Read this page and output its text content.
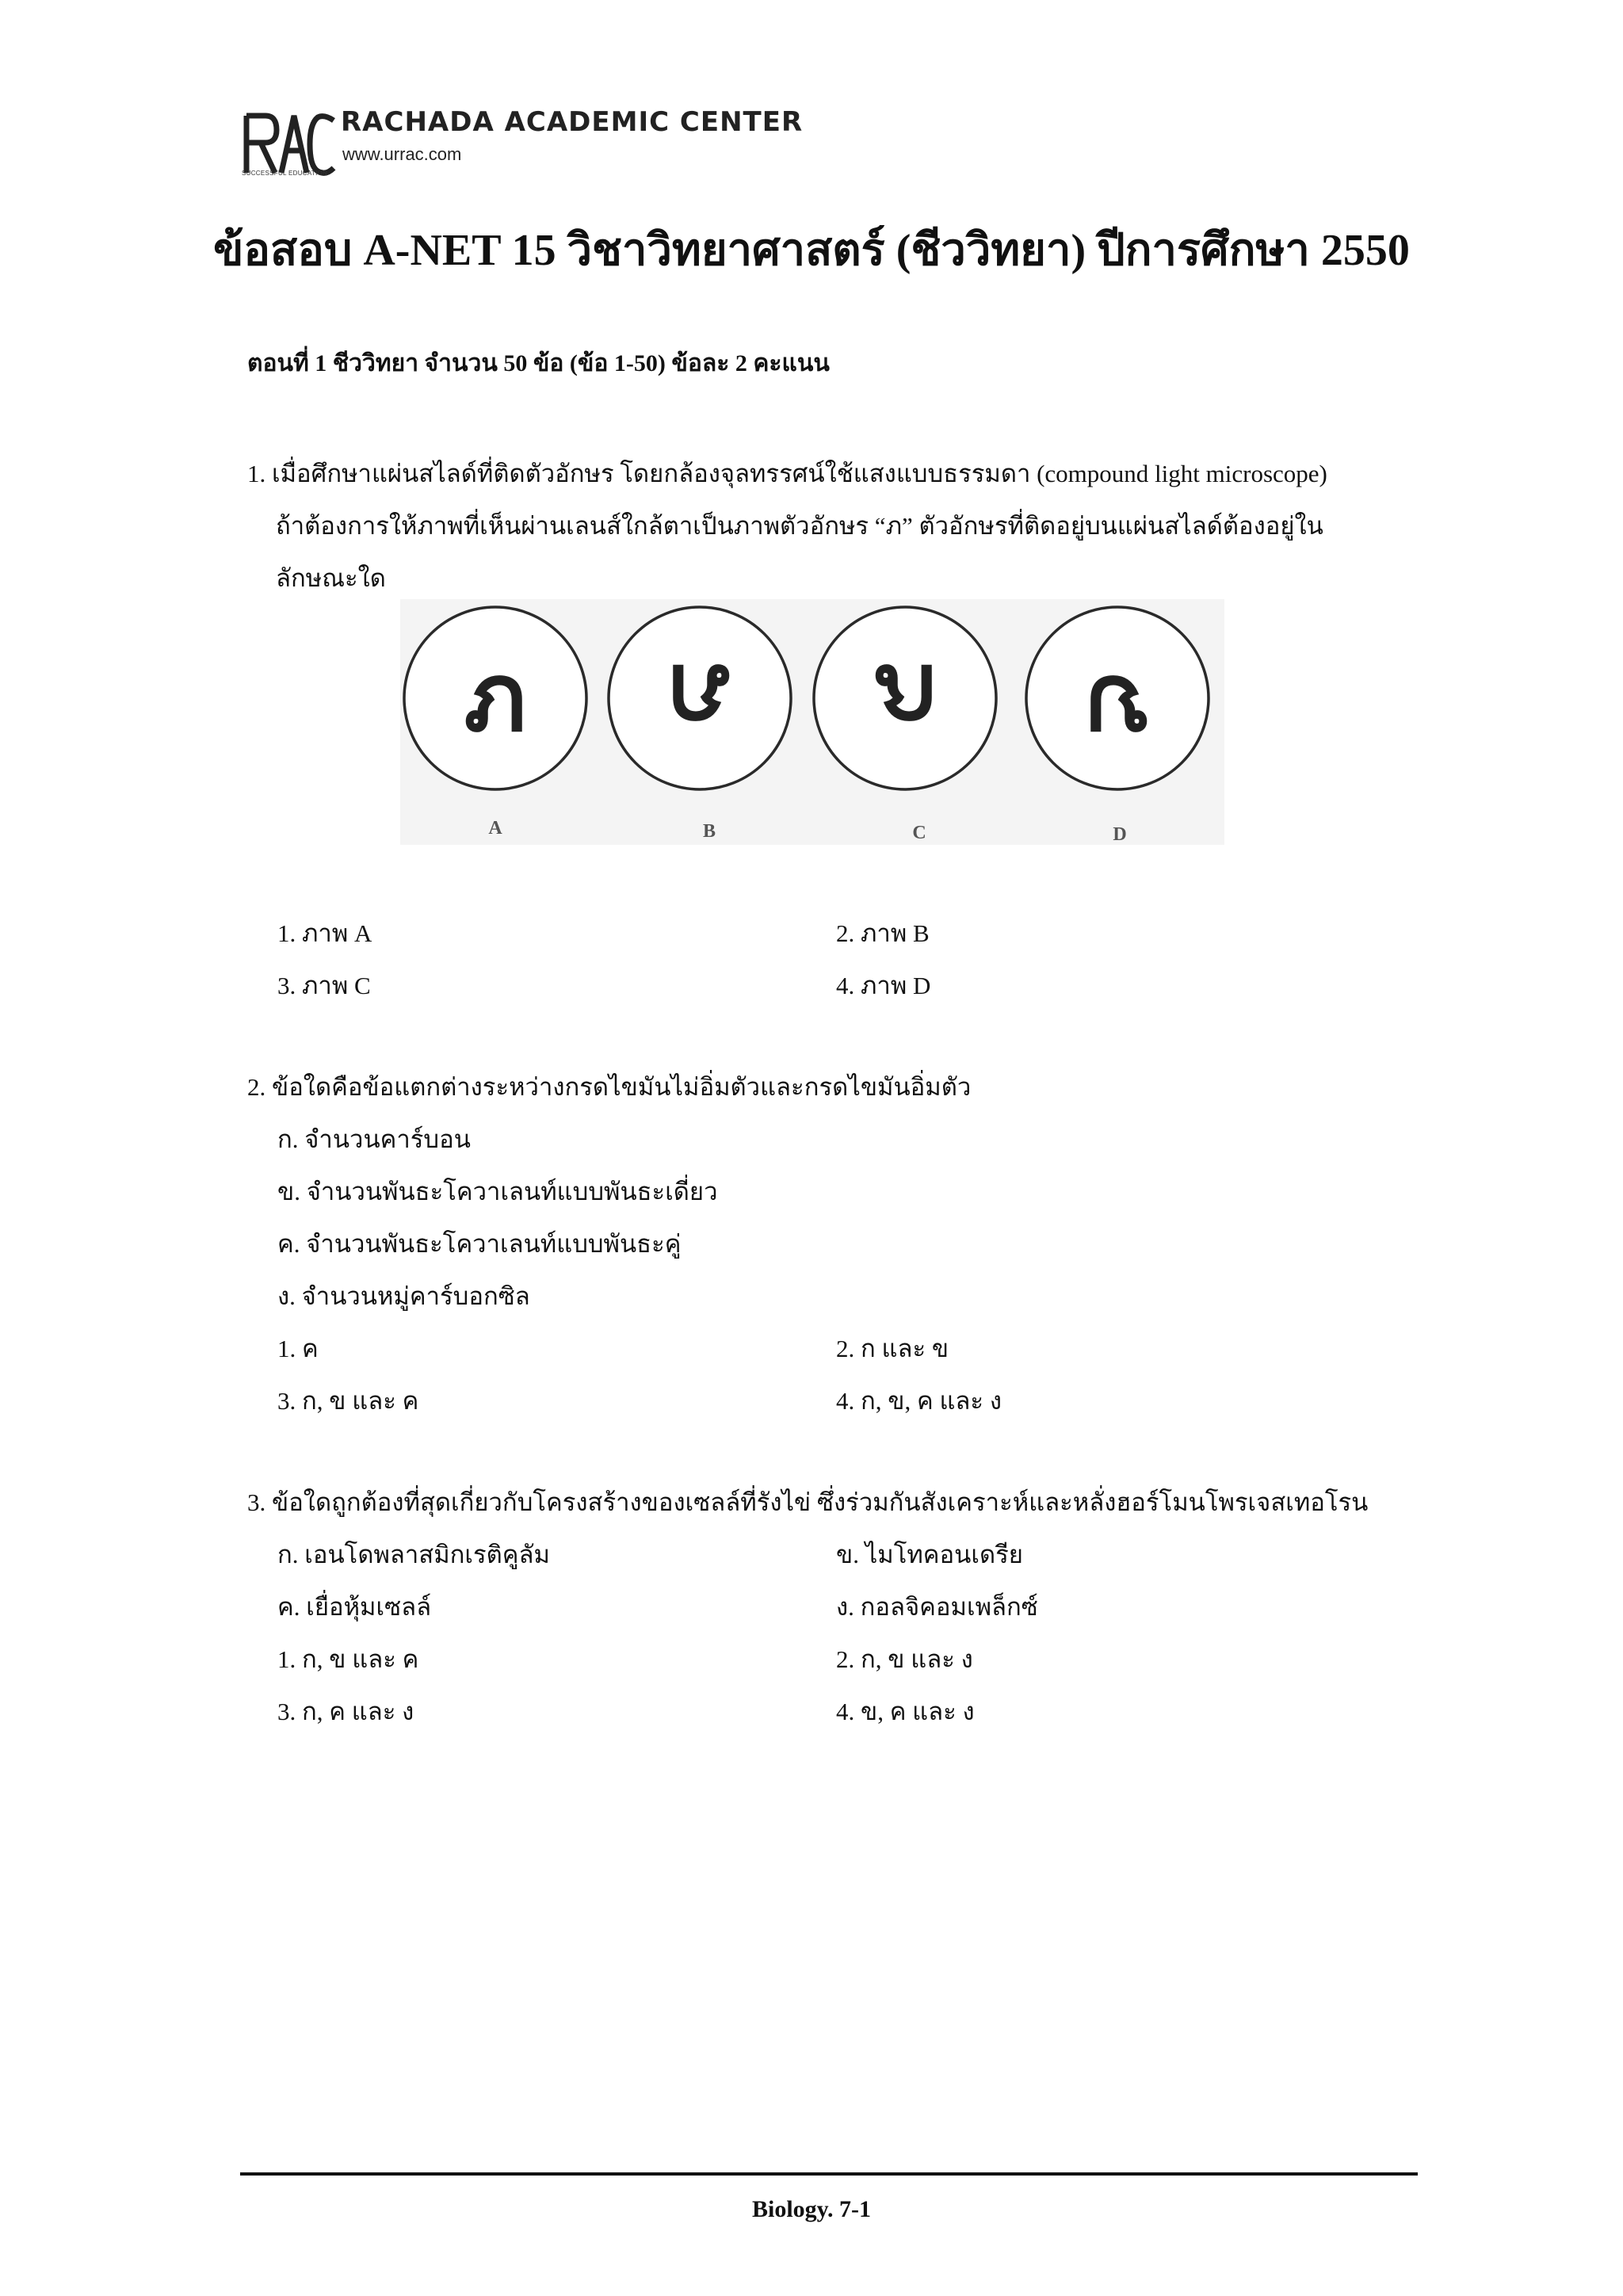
RACHADA ACADEMIC CENTER
www.urrac.com
SUCCESSFUL EDUCATION
ข้อสอบ A-NET 15 วิชาวิทยาศาสตร์ (ชีววิทยา) ปีการศึกษา 2550
ตอนที่ 1 ชีววิทยา จำนวน 50 ข้อ (ข้อ 1-50) ข้อละ 2 คะแนน
1. เมื่อศึกษาแผ่นสไลด์ที่ติดตัวอักษร โดยกล้องจุลทรรศน์ใช้แสงแบบธรรมดา (compound light microscope)
ถ้าต้องการให้ภาพที่เห็นผ่านเลนส์ใกล้ตาเป็นภาพตัวอักษร “ภ” ตัวอักษรที่ติดอยู่บนแผ่นสไลด์ต้องอยู่ใน
ลักษณะใด
ภ
A
ภ
B
ภ
C
ภ
D
1. ภาพ A	2. ภาพ B
3. ภาพ C	4. ภาพ D
2. ข้อใดคือข้อแตกต่างระหว่างกรดไขมันไม่อิ่มตัวและกรดไขมันอิ่มตัว
ก. จำนวนคาร์บอน
ข. จำนวนพันธะโควาเลนท์แบบพันธะเดี่ยว
ค. จำนวนพันธะโควาเลนท์แบบพันธะคู่
ง. จำนวนหมู่คาร์บอกซิล
1. ค	2. ก และ ข
3. ก, ข และ ค	4. ก, ข, ค และ ง
3. ข้อใดถูกต้องที่สุดเกี่ยวกับโครงสร้างของเซลล์ที่รังไข่ ซึ่งร่วมกันสังเคราะห์และหลั่งฮอร์โมนโพรเจสเทอโรน
ก. เอนโดพลาสมิกเรติคูลัม	ข. ไมโทคอนเดรีย
ค. เยื่อหุ้มเซลล์	ง. กอลจิคอมเพล็กซ์
1. ก, ข และ ค	2. ก, ข และ ง
3. ก, ค และ ง	4. ข, ค และ ง
Biology. 7-1
